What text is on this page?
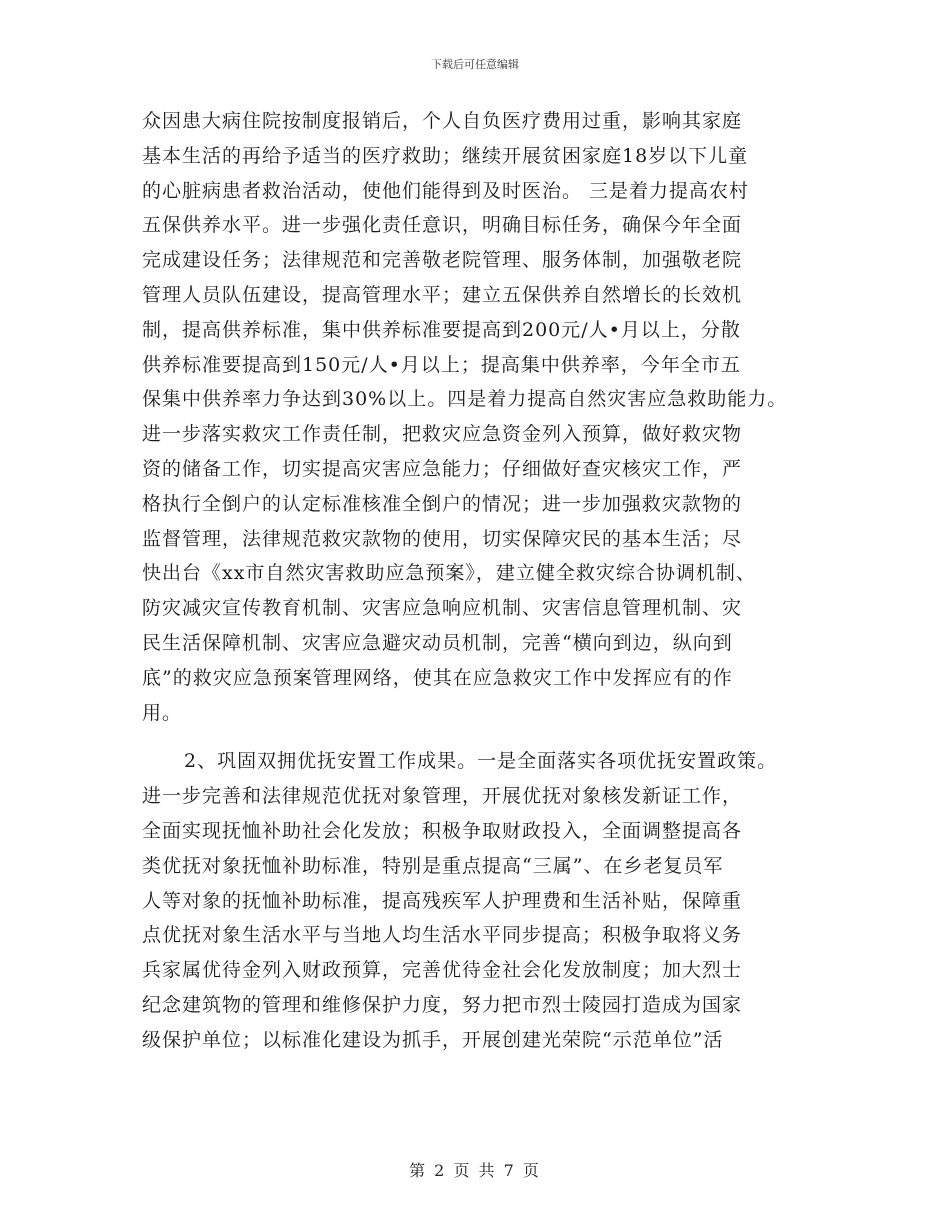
下载后可任意编辑
众因患大病住院按制度报销后，个人自负医疗费用过重，影响其家庭
基本生活的再给予适当的医疗救助；继续开展贫困家庭18岁以下儿童
的心脏病患者救治活动，使他们能得到及时医治。 三是着力提高农村
五保供养水平。进一步强化责任意识，明确目标任务，确保今年全面
完成建设任务；法律规范和完善敬老院管理、服务体制，加强敬老院
管理人员队伍建设，提高管理水平；建立五保供养自然增长的长效机
制，提高供养标准，集中供养标准要提高到200元/人•月以上，分散
供养标准要提高到150元/人•月以上；提高集中供养率，今年全市五
保集中供养率力争达到30%以上。四是着力提高自然灾害应急救助能力。
进一步落实救灾工作责任制，把救灾应急资金列入预算，做好救灾物
资的储备工作，切实提高灾害应急能力；仔细做好查灾核灾工作，严
格执行全倒户的认定标准核准全倒户的情况；进一步加强救灾款物的
监督管理，法律规范救灾款物的使用，切实保障灾民的基本生活；尽
快出台《xx市自然灾害救助应急预案》，建立健全救灾综合协调机制、
防灾减灾宣传教育机制、灾害应急响应机制、灾害信息管理机制、灾
民生活保障机制、灾害应急避灾动员机制，完善“横向到边，纵向到
底”的救灾应急预案管理网络，使其在应急救灾工作中发挥应有的作
用。
2、巩固双拥优抚安置工作成果。一是全面落实各项优抚安置政策。
进一步完善和法律规范优抚对象管理，开展优抚对象核发新证工作，
全面实现抚恤补助社会化发放；积极争取财政投入，全面调整提高各
类优抚对象抚恤补助标准，特别是重点提高“三属”、在乡老复员军
人等对象的抚恤补助标准，提高残疾军人护理费和生活补贴，保障重
点优抚对象生活水平与当地人均生活水平同步提高；积极争取将义务
兵家属优待金列入财政预算，完善优待金社会化发放制度；加大烈士
纪念建筑物的管理和维修保护力度，努力把市烈士陵园打造成为国家
级保护单位；以标准化建设为抓手，开展创建光荣院“示范单位”活
第 2 页 共 7 页
